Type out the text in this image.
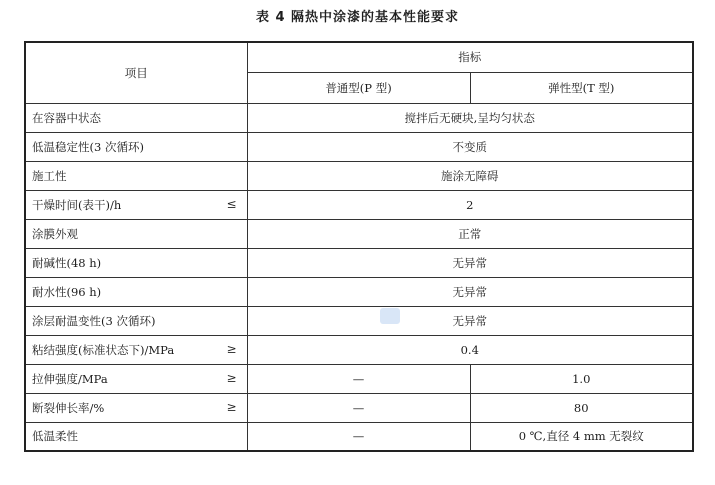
表 4 隔热中涂漆的基本性能要求
项目	指标	
	普通型(P 型)	弹性型(T 型)

在容器中状态	搅拌后无硬块,呈均匀状态	

低温稳定性(3 次循环)	不变质	

施工性	施涂无障碍	

干燥时间(表干)/h ≤	2	

涂膜外观	正常	

耐碱性(48 h)	无异常	

耐水性(96 h)	无异常	

涂层耐温变性(3 次循环)	无异常	

粘结强度(标准状态下)/MPa ≥	0.4	

拉伸强度/MPa ≥	—	1.0

断裂伸长率/% ≥	—	80

低温柔性	—	0 ℃,直径 4 mm 无裂纹
